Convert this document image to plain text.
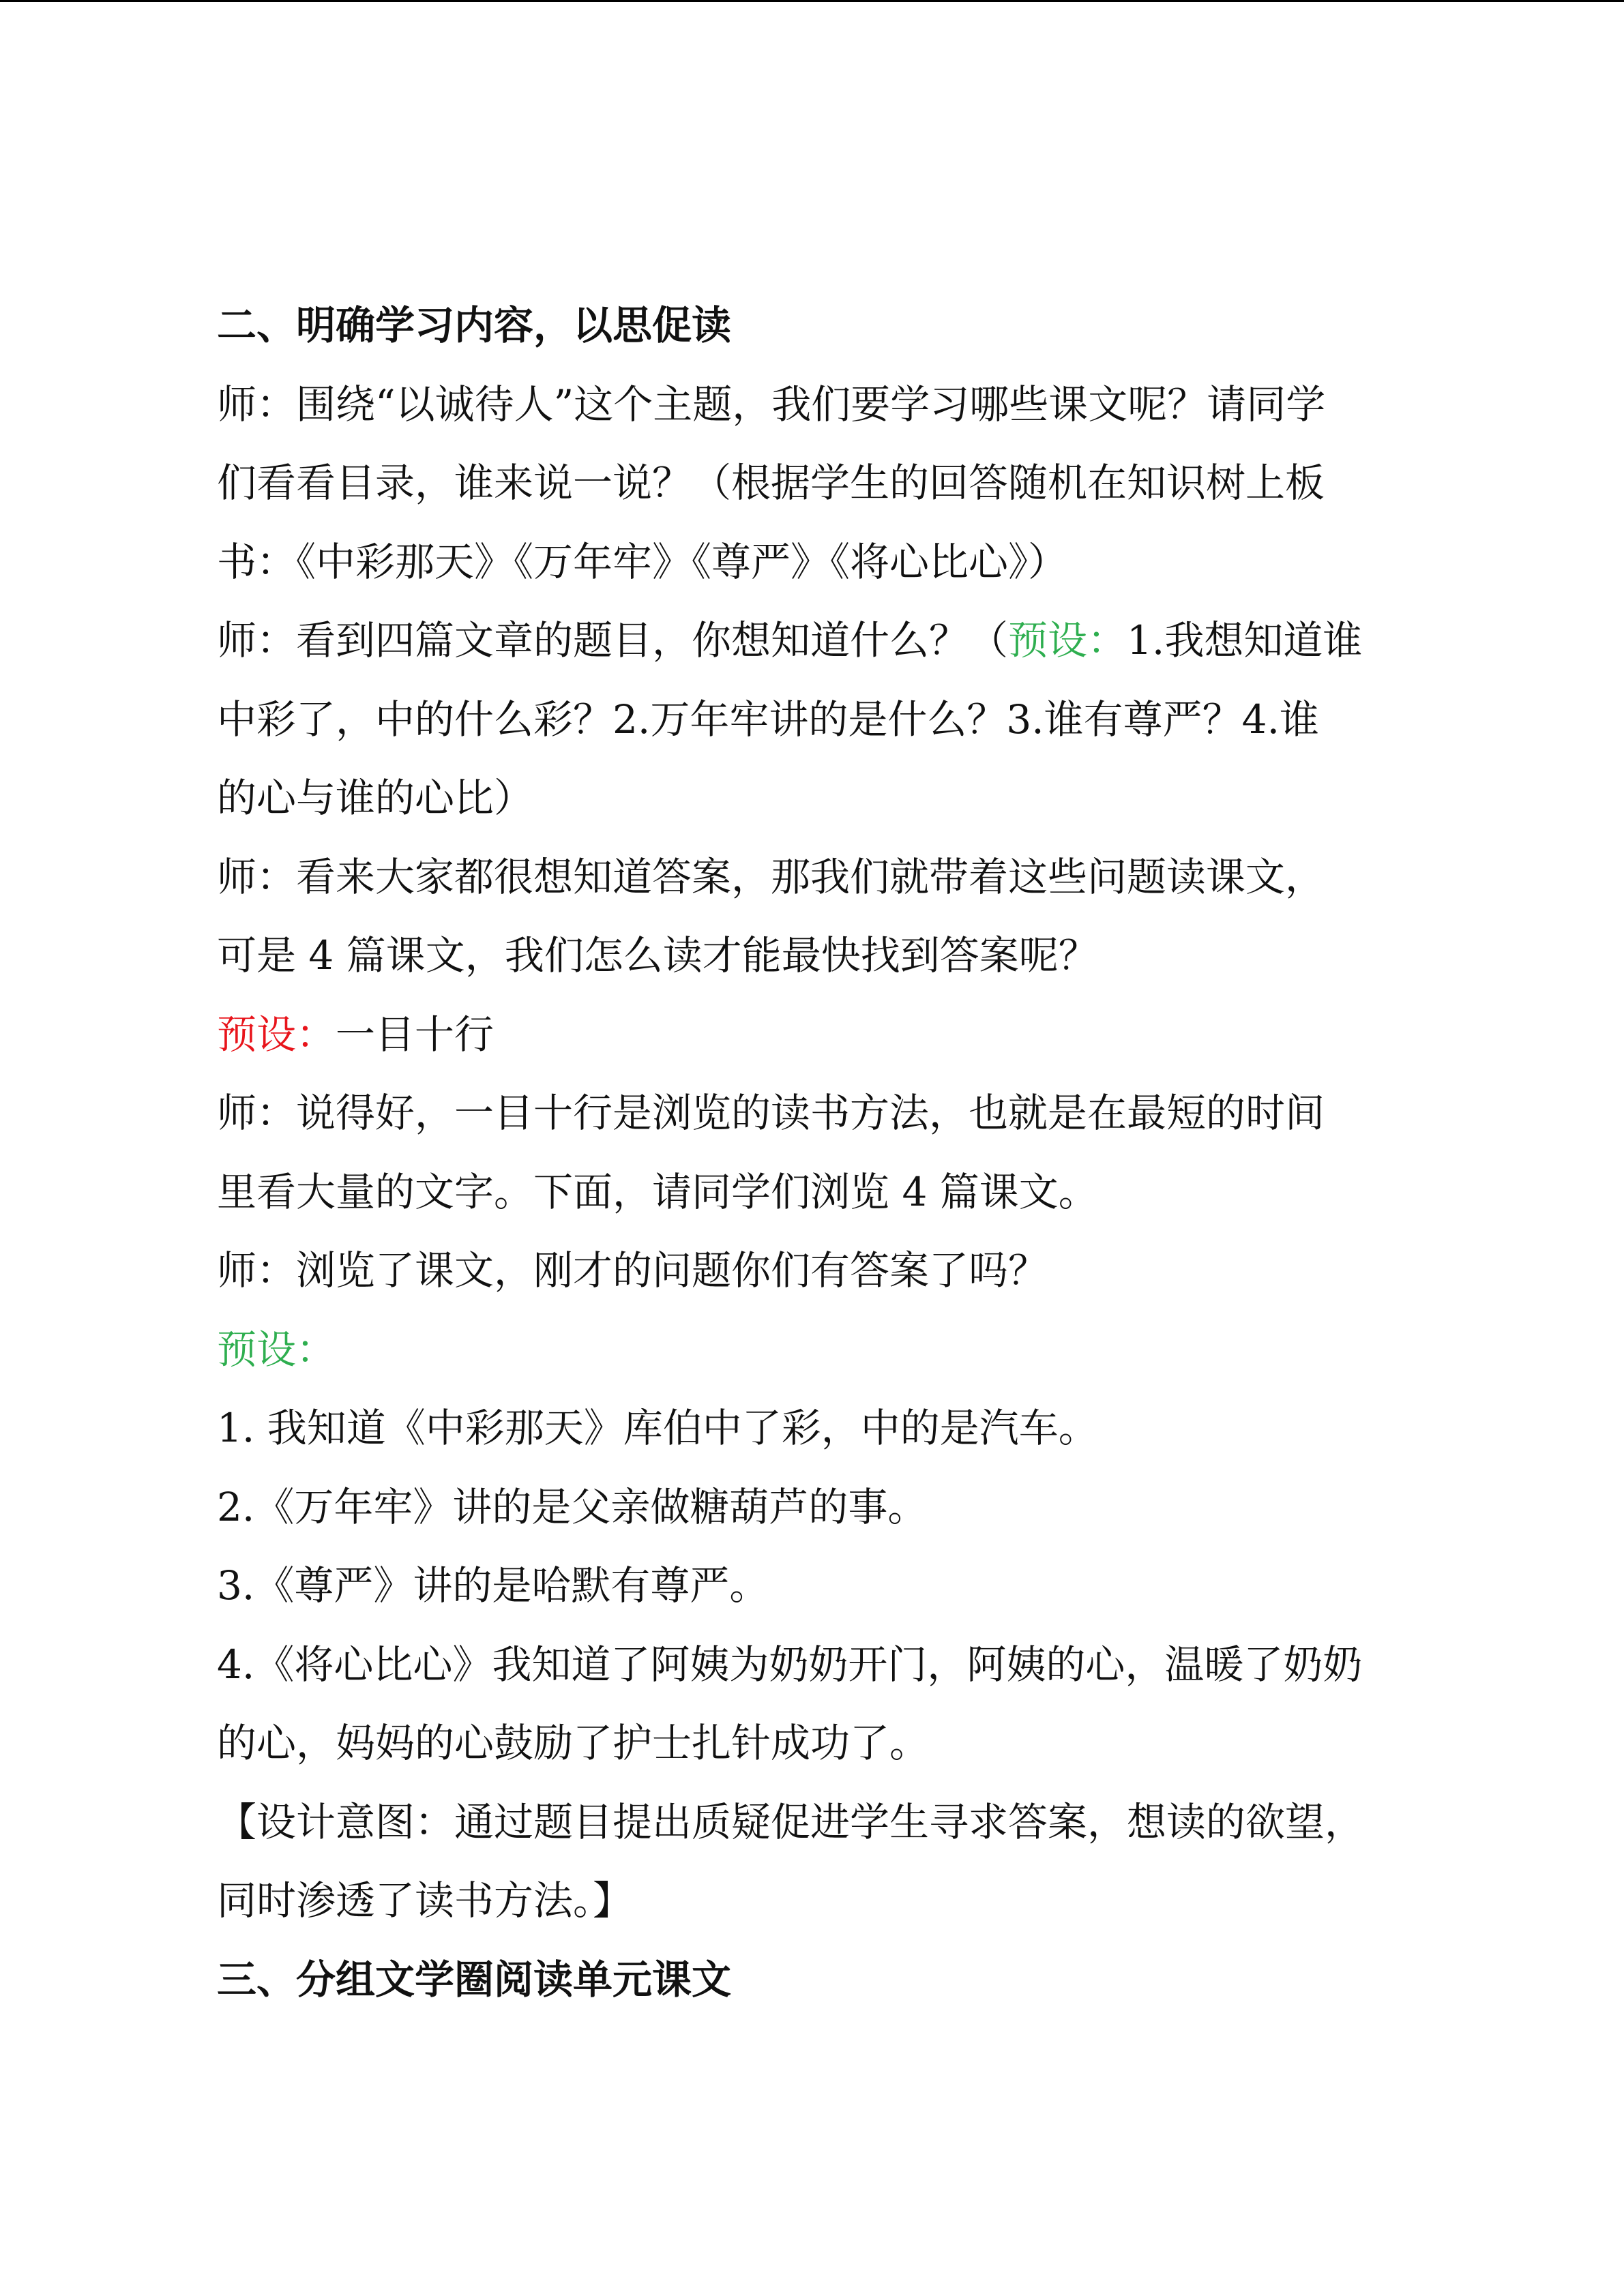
二、明确学习内容，以思促读
师：围绕“以诚待人”这个主题，我们要学习哪些课文呢？请同学
们看看目录，谁来说一说？（根据学生的回答随机在知识树上板
书：《中彩那天》《万年牢》《尊严》《将心比心》）
师：看到四篇文章的题目，你想知道什么？（预设：1.我想知道谁
中彩了，中的什么彩？2.万年牢讲的是什么？3.谁有尊严？4.谁
的心与谁的心比）
师：看来大家都很想知道答案，那我们就带着这些问题读课文，
可是 4 篇课文，我们怎么读才能最快找到答案呢？
预设：一目十行
师：说得好，一目十行是浏览的读书方法，也就是在最短的时间
里看大量的文字。下面，请同学们浏览 4 篇课文。
师：浏览了课文，刚才的问题你们有答案了吗？
预设：
1. 我知道《中彩那天》库伯中了彩，中的是汽车。
2.《万年牢》讲的是父亲做糖葫芦的事。
3.《尊严》讲的是哈默有尊严。
4.《将心比心》我知道了阿姨为奶奶开门，阿姨的心，温暖了奶奶
的心，妈妈的心鼓励了护士扎针成功了。
【设计意图：通过题目提出质疑促进学生寻求答案，想读的欲望，
同时渗透了读书方法。】
三、分组文学圈阅读单元课文
